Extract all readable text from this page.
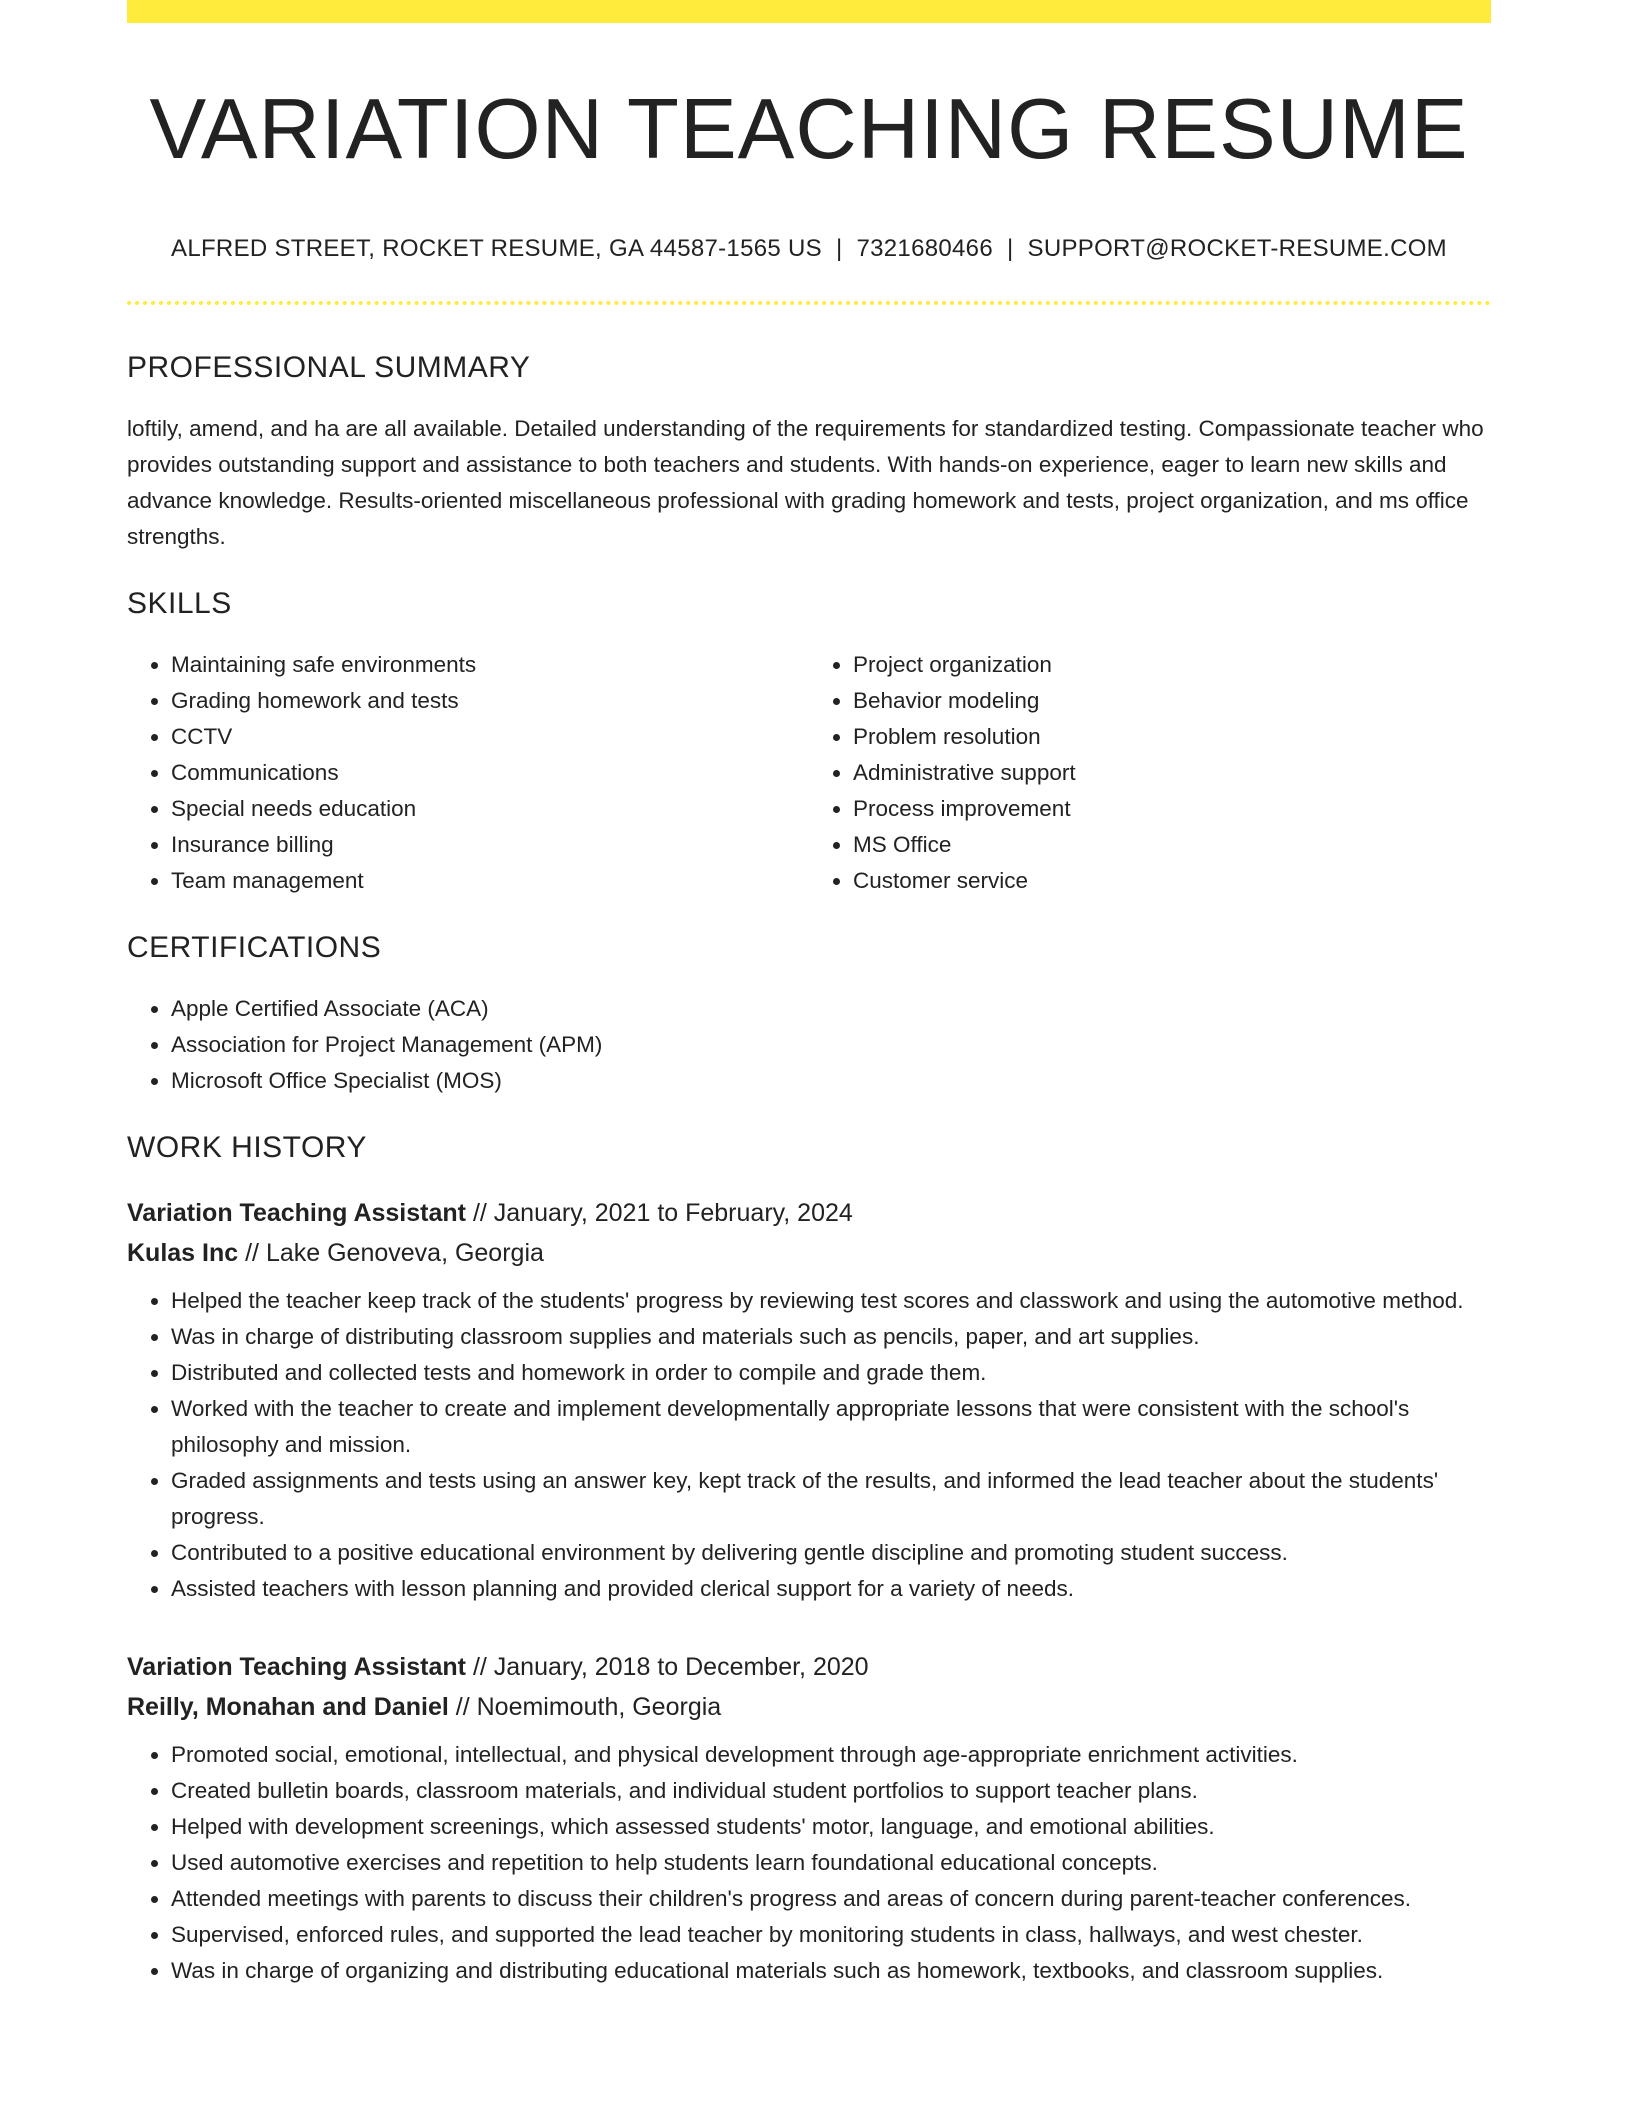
VARIATION TEACHING RESUME
ALFRED STREET, ROCKET RESUME, GA 44587-1565 US | 7321680466 | SUPPORT@ROCKET-RESUME.COM
PROFESSIONAL SUMMARY
loftily, amend, and ha are all available. Detailed understanding of the requirements for standardized testing. Compassionate teacher who provides outstanding support and assistance to both teachers and students. With hands-on experience, eager to learn new skills and advance knowledge. Results-oriented miscellaneous professional with grading homework and tests, project organization, and ms office strengths.
SKILLS
• Maintaining safe environments
• Grading homework and tests
• CCTV
• Communications
• Special needs education
• Insurance billing
• Team management
• Project organization
• Behavior modeling
• Problem resolution
• Administrative support
• Process improvement
• MS Office
• Customer service
CERTIFICATIONS
• Apple Certified Associate (ACA)
• Association for Project Management (APM)
• Microsoft Office Specialist (MOS)
WORK HISTORY
Variation Teaching Assistant // January, 2021 to February, 2024
Kulas Inc // Lake Genoveva, Georgia
• Helped the teacher keep track of the students' progress by reviewing test scores and classwork and using the automotive method.
• Was in charge of distributing classroom supplies and materials such as pencils, paper, and art supplies.
• Distributed and collected tests and homework in order to compile and grade them.
• Worked with the teacher to create and implement developmentally appropriate lessons that were consistent with the school's philosophy and mission.
• Graded assignments and tests using an answer key, kept track of the results, and informed the lead teacher about the students' progress.
• Contributed to a positive educational environment by delivering gentle discipline and promoting student success.
• Assisted teachers with lesson planning and provided clerical support for a variety of needs.
Variation Teaching Assistant // January, 2018 to December, 2020
Reilly, Monahan and Daniel // Noemimouth, Georgia
• Promoted social, emotional, intellectual, and physical development through age-appropriate enrichment activities.
• Created bulletin boards, classroom materials, and individual student portfolios to support teacher plans.
• Helped with development screenings, which assessed students' motor, language, and emotional abilities.
• Used automotive exercises and repetition to help students learn foundational educational concepts.
• Attended meetings with parents to discuss their children's progress and areas of concern during parent-teacher conferences.
• Supervised, enforced rules, and supported the lead teacher by monitoring students in class, hallways, and west chester.
• Was in charge of organizing and distributing educational materials such as homework, textbooks, and classroom supplies.
